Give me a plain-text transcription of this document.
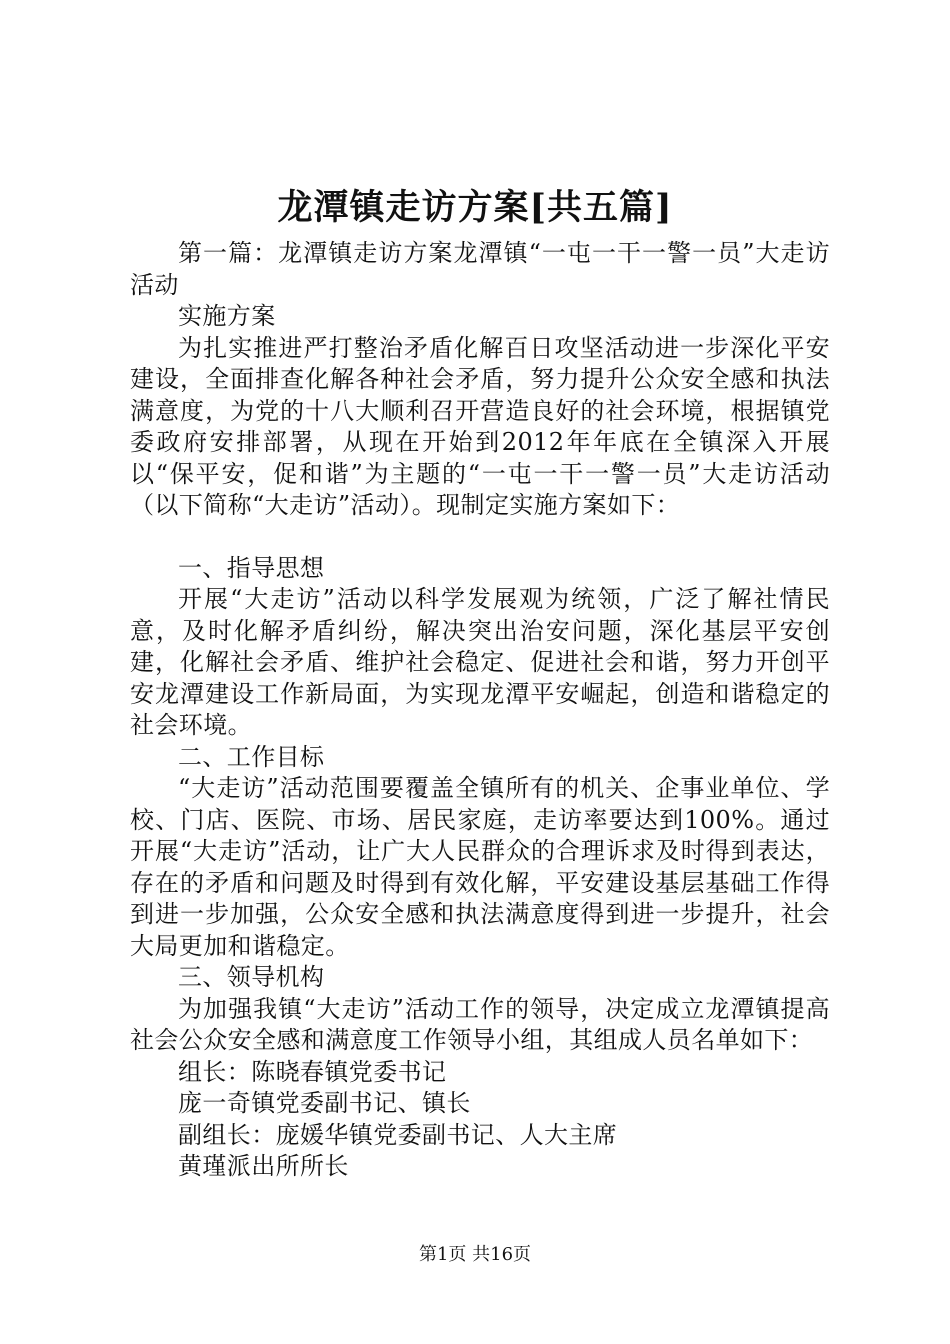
龙潭镇走访方案[共五篇]

第一篇：龙潭镇走访方案龙潭镇“一屯一干一警一员”大走访活动

实施方案

为扎实推进严打整治矛盾化解百日攻坚活动进一步深化平安建设，全面排查化解各种社会矛盾，努力提升公众安全感和执法满意度，为党的十八大顺利召开营造良好的社会环境，根据镇党委政府安排部署，从现在开始到2012年年底在全镇深入开展以“保平安，促和谐”为主题的“一屯一干一警一员”大走访活动（以下简称“大走访”活动）。现制定实施方案如下：

一、指导思想

开展“大走访”活动以科学发展观为统领，广泛了解社情民意，及时化解矛盾纠纷，解决突出治安问题，深化基层平安创建，化解社会矛盾、维护社会稳定、促进社会和谐，努力开创平安龙潭建设工作新局面，为实现龙潭平安崛起，创造和谐稳定的社会环境。

二、工作目标

“大走访”活动范围要覆盖全镇所有的机关、企事业单位、学校、门店、医院、市场、居民家庭，走访率要达到100%。通过开展“大走访”活动，让广大人民群众的合理诉求及时得到表达，存在的矛盾和问题及时得到有效化解，平安建设基层基础工作得到进一步加强，公众安全感和执法满意度得到进一步提升，社会大局更加和谐稳定。

三、领导机构

为加强我镇“大走访”活动工作的领导，决定成立龙潭镇提高社会公众安全感和满意度工作领导小组，其组成人员名单如下：

组长：陈晓春镇党委书记

庞一奇镇党委副书记、镇长

副组长：庞媛华镇党委副书记、人大主席

黄瑾派出所所长

第1页 共16页
